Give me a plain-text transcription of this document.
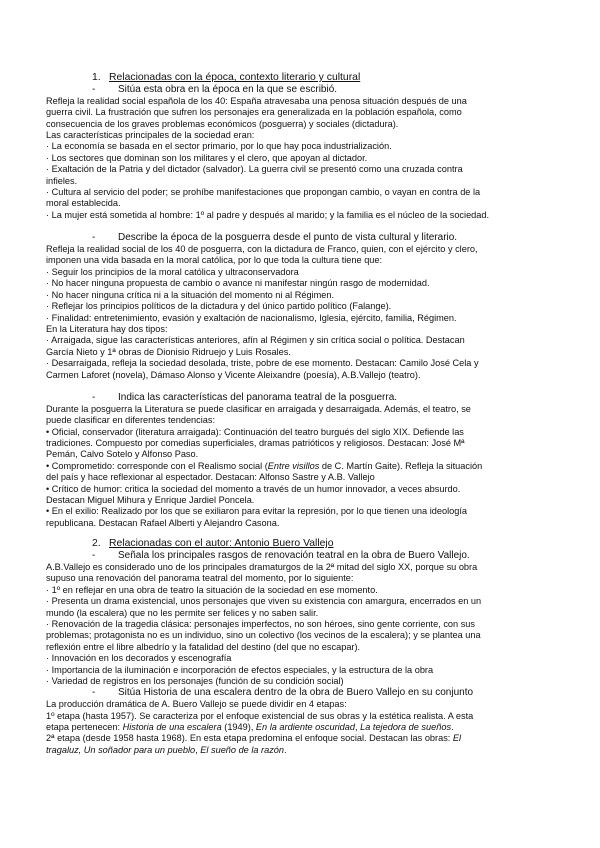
1. Relacionadas con la época, contexto literario y cultural
- Sitúa esta obra en la época en la que se escribió.
Refleja la realidad social española de los 40: España atravesaba una penosa situación después de una
guerra civil. La frustración que sufren los personajes era generalizada en la población española, como
consecuencia de los graves problemas económicos (posguerra) y sociales (dictadura).
Las características principales de la sociedad eran:
· La economía se basada en el sector primario, por lo que hay poca industrialización.
· Los sectores que dominan son los militares y el clero, que apoyan al dictador.
· Exaltación de la Patria y del dictador (salvador). La guerra civil se presentó como una cruzada contra
infieles.
· Cultura al servicio del poder; se prohíbe manifestaciones que propongan cambio, o vayan en contra de la
moral establecida.
· La mujer está sometida al hombre: 1º al padre y después al marido; y la familia es el núcleo de la sociedad.
- Describe la época de la posguerra desde el punto de vista cultural y literario.
Refleja la realidad social de los 40 de posguerra, con la dictadura de Franco, quien, con el ejército y clero,
imponen una vida basada en la moral católica, por lo que toda la cultura tiene que:
· Seguir los principios de la moral católica y ultraconservadora
· No hacer ninguna propuesta de cambio o avance ni manifestar ningún rasgo de modernidad.
· No hacer ninguna crítica ni a la situación del momento ni al Régimen.
· Reflejar los principios políticos de la dictadura y del único partido político (Falange).
· Finalidad: entretenimiento, evasión y exaltación de nacionalismo, Iglesia, ejército, familia, Régimen.
En la Literatura hay dos tipos:
· Arraigada, sigue las características anteriores, afín al Régimen y sin crítica social o política. Destacan
García Nieto y 1ª obras de Dionisio Ridruejo y Luis Rosales.
· Desarraigada, refleja la sociedad desolada, triste, pobre de ese momento. Destacan: Camilo José Cela y
Carmen Laforet (novela), Dámaso Alonso y Vicente Aleixandre (poesía), A.B.Vallejo (teatro).
- Indica las características del panorama teatral de la posguerra.
Durante la posguerra la Literatura se puede clasificar en arraigada y desarraigada. Además, el teatro, se
puede clasificar en diferentes tendencias:
• Oficial, conservador (literatura arraigada): Continuación del teatro burgués del siglo XIX. Defiende las
tradiciones. Compuesto por comedias superficiales, dramas patrióticos y religiosos. Destacan: José Mª
Pemán, Calvo Sotelo y Alfonso Paso.
• Comprometido: corresponde con el Realismo social (Entre visillos de C. Martín Gaite). Refleja la situación
del país y hace reflexionar al espectador. Destacan: Alfonso Sastre y A.B. Vallejo
• Crítico de humor: critica la sociedad del momento a través de un humor innovador, a veces absurdo.
Destacan Miguel Mihura y Enrique Jardiel Poncela.
• En el exilio: Realizado por los que se exiliaron para evitar la represión, por lo que tienen una ideología
republicana. Destacan Rafael Alberti y Alejandro Casona.
2. Relacionadas con el autor: Antonio Buero Vallejo
- Señala los principales rasgos de renovación teatral en la obra de Buero Vallejo.
A.B.Vallejo es considerado uno de los principales dramaturgos de la 2ª mitad del siglo XX, porque su obra
supuso una renovación del panorama teatral del momento, por lo siguiente:
· 1º en reflejar en una obra de teatro la situación de la sociedad en ese momento.
· Presenta un drama existencial, unos personajes que viven su existencia con amargura, encerrados en un
mundo (la escalera) que no les permite ser felices y no saben salir.
· Renovación de la tragedia clásica: personajes imperfectos, no son héroes, sino gente corriente, con sus
problemas; protagonista no es un individuo, sino un colectivo (los vecinos de la escalera); y se plantea una
reflexión entre el libre albedrío y la fatalidad del destino (del que no escapar).
· Innovación en los decorados y escenografía
· Importancia de la iluminación e incorporación de efectos especiales, y la estructura de la obra
· Variedad de registros en los personajes (función de su condición social)
- Sitúa Historia de una escalera dentro de la obra de Buero Vallejo en su conjunto
La producción dramática de A. Buero Vallejo se puede dividir en 4 etapas:
1º etapa (hasta 1957). Se caracteriza por el enfoque existencial de sus obras y la estética realista. A esta
etapa pertenecen: Historia de una escalera (1949), En la ardiente oscuridad, La tejedora de sueños.
2ª etapa (desde 1958 hasta 1968). En esta etapa predomina el enfoque social. Destacan las obras: El
tragaluz, Un soñador para un pueblo, El sueño de la razón.
